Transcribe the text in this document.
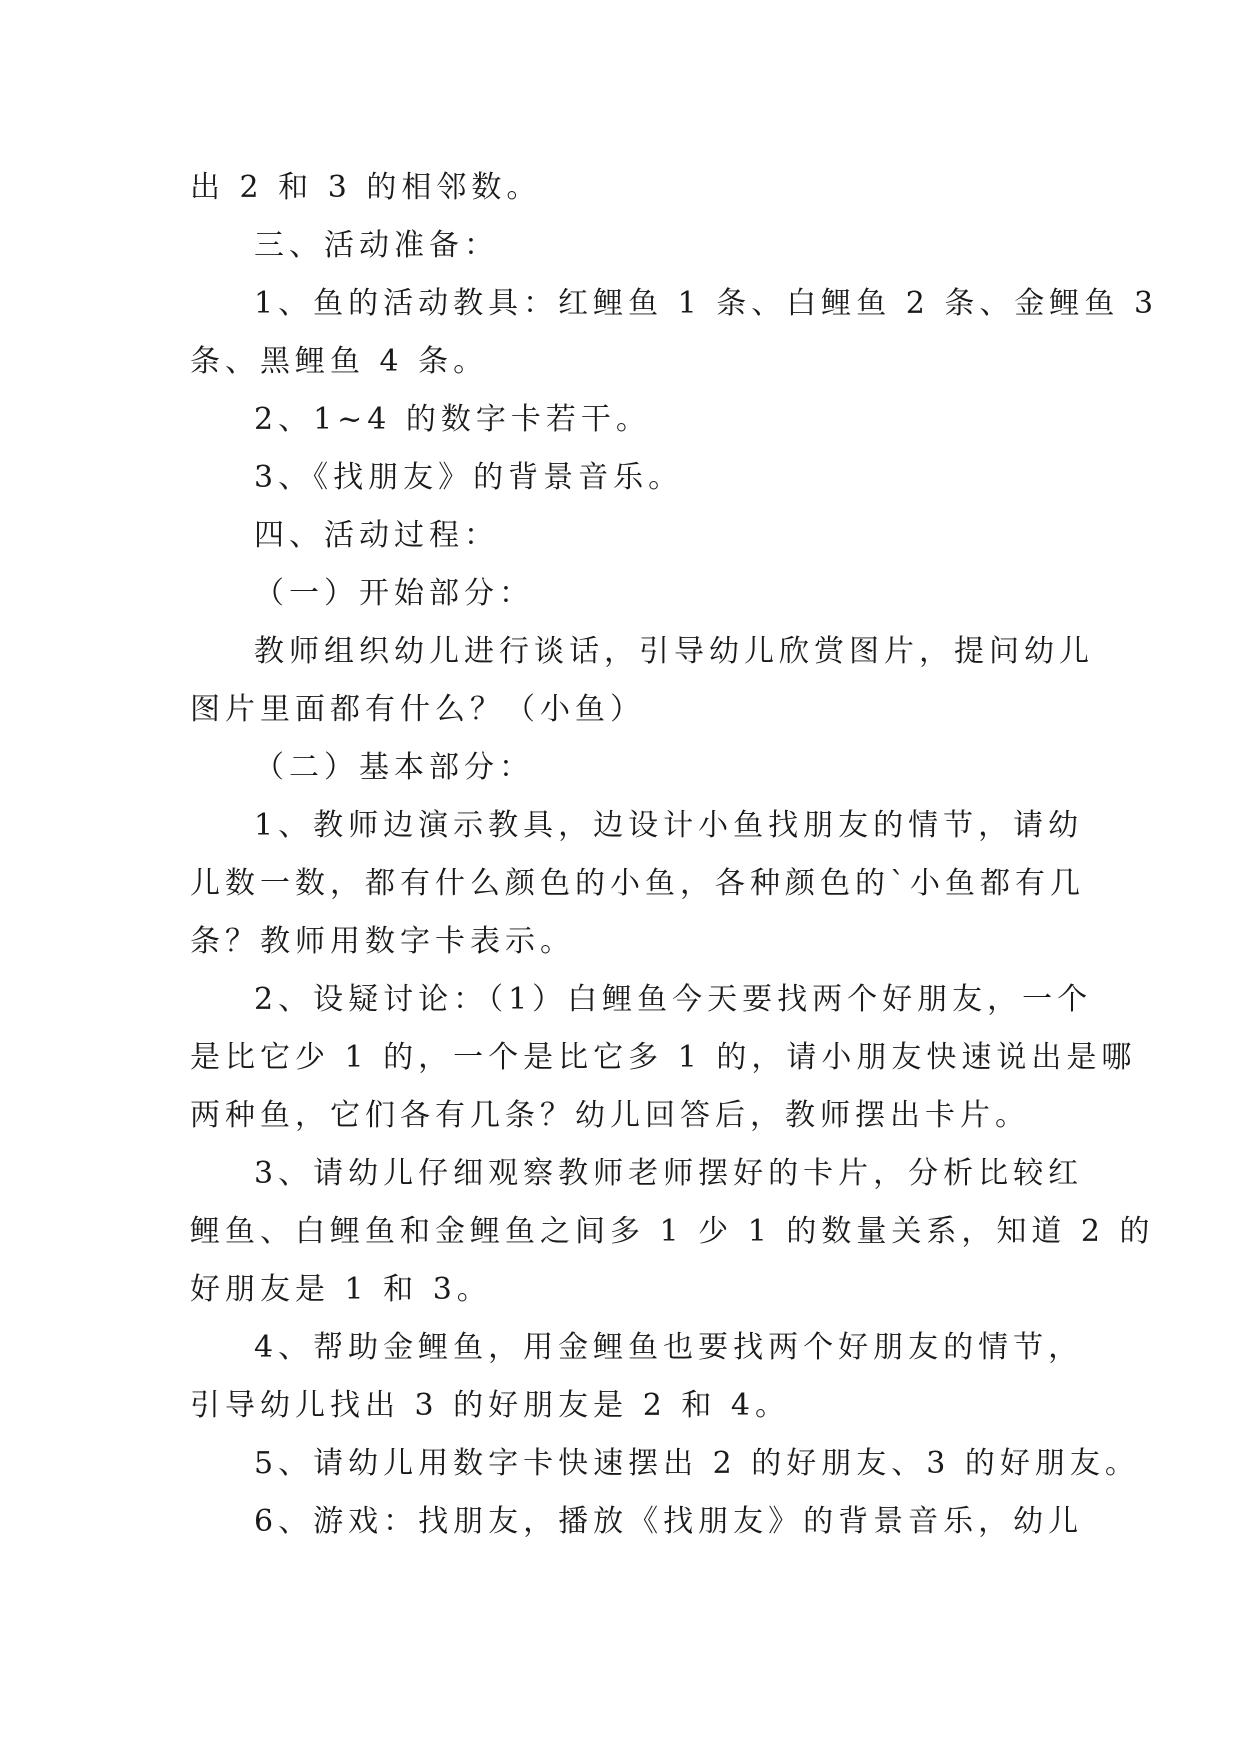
出 2 和 3 的相邻数。
三、活动准备：
1、鱼的活动教具：红鲤鱼 1 条、白鲤鱼 2 条、金鲤鱼 3
条、黑鲤鱼 4 条。
2、1~4 的数字卡若干。
3、《找朋友》的背景音乐。
四、活动过程：
（一）开始部分：
教师组织幼儿进行谈话，引导幼儿欣赏图片，提问幼儿
图片里面都有什么？（小鱼）
（二）基本部分：
1、教师边演示教具，边设计小鱼找朋友的情节，请幼
儿数一数，都有什么颜色的小鱼，各种颜色的`小鱼都有几
条？教师用数字卡表示。
2、设疑讨论：（1）白鲤鱼今天要找两个好朋友，一个
是比它少 1 的，一个是比它多 1 的，请小朋友快速说出是哪
两种鱼，它们各有几条？幼儿回答后，教师摆出卡片。
3、请幼儿仔细观察教师老师摆好的卡片，分析比较红
鲤鱼、白鲤鱼和金鲤鱼之间多 1 少 1 的数量关系，知道 2 的
好朋友是 1 和 3。
4、帮助金鲤鱼，用金鲤鱼也要找两个好朋友的情节，
引导幼儿找出 3 的好朋友是 2 和 4。
5、请幼儿用数字卡快速摆出 2 的好朋友、3 的好朋友。
6、游戏：找朋友，播放《找朋友》的背景音乐，幼儿
